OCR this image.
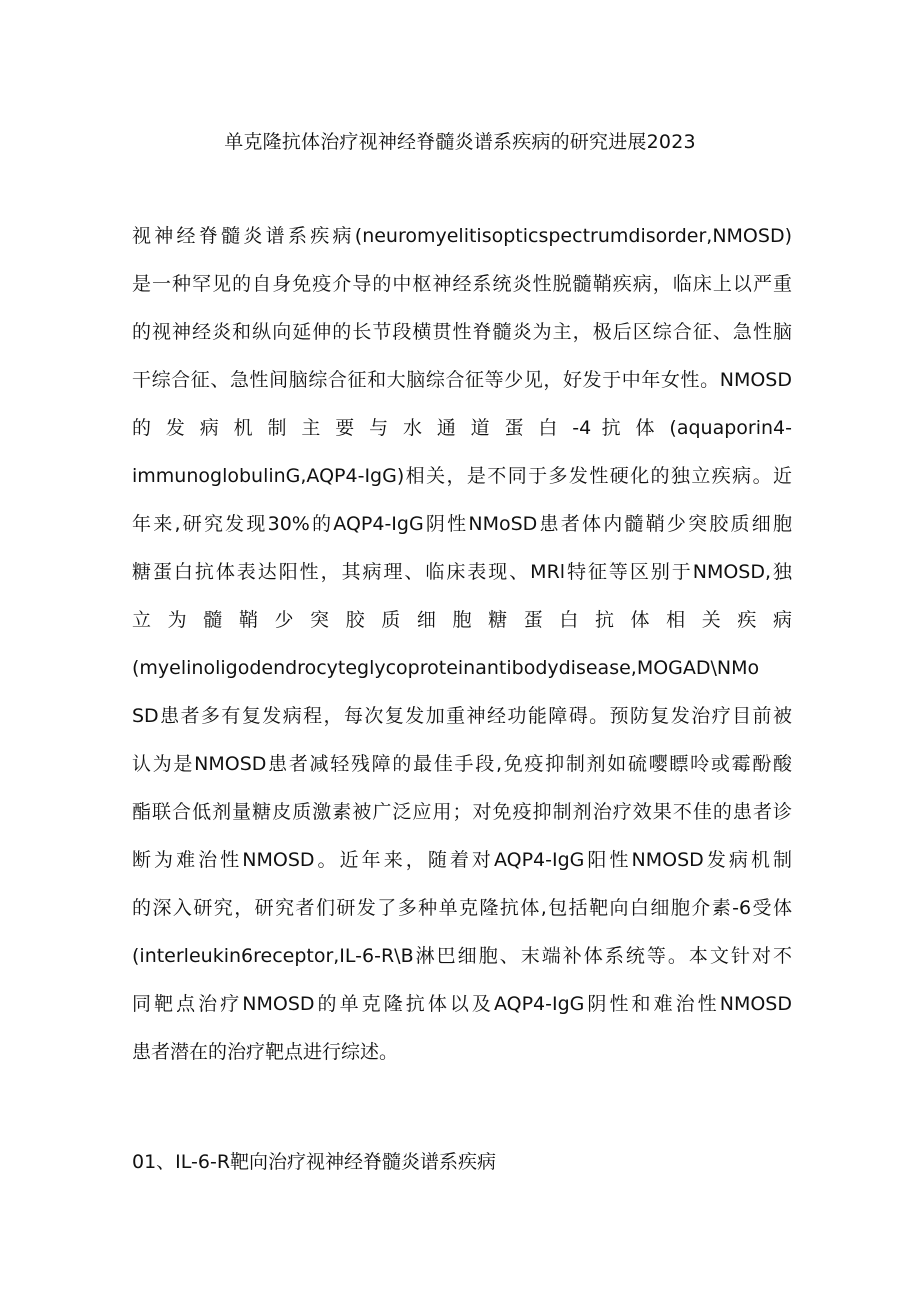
单克隆抗体治疗视神经脊髓炎谱系疾病的研究进展2023
视神经脊髓炎谱系疾病(neuromyelitisopticspectrumdisorder,NMOSD)
是一种罕见的自身免疫介导的中枢神经系统炎性脱髓鞘疾病，临床上以严重
的视神经炎和纵向延伸的长节段横贯性脊髓炎为主，极后区综合征、急性脑
干综合征、急性间脑综合征和大脑综合征等少见，好发于中年女性。NMOSD
的 发 病 机 制 主 要 与 水 通 道 蛋 白 -4 抗 体 (aquaporin4-
immunoglobulinG,AQP4-IgG)相关，是不同于多发性硬化的独立疾病。近
年来,研究发现30%的AQP4-IgG阴性NMoSD患者体内髓鞘少突胶质细胞
糖蛋白抗体表达阳性，其病理、临床表现、MRl特征等区别于NMOSD,独
立 为 髓 鞘 少 突 胶 质 细 胞 糖 蛋 白 抗 体 相 关 疾 病
(myelinoligodendrocyteglycoproteinantibodydisease,MOGAD\NMo
SD患者多有复发病程，每次复发加重神经功能障碍。预防复发治疗目前被
认为是NMOSD患者减轻残障的最佳手段,免疫抑制剂如硫嘤瞟呤或霉酚酸
酯联合低剂量糖皮质激素被广泛应用；对免疫抑制剂治疗效果不佳的患者诊
断为难治性NMOSD。近年来，随着对AQP4-IgG阳性NMOSD发病机制
的深入研究，研究者们研发了多种单克隆抗体,包括靶向白细胞介素-6受体
(interleukin6receptor,IL-6-R\B淋巴细胞、末端补体系统等。本文针对不
同靶点治疗NMOSD的单克隆抗体以及AQP4-IgG阴性和难治性NMOSD
患者潜在的治疗靶点进行综述。
01、IL-6-R靶向治疗视神经脊髓炎谱系疾病
